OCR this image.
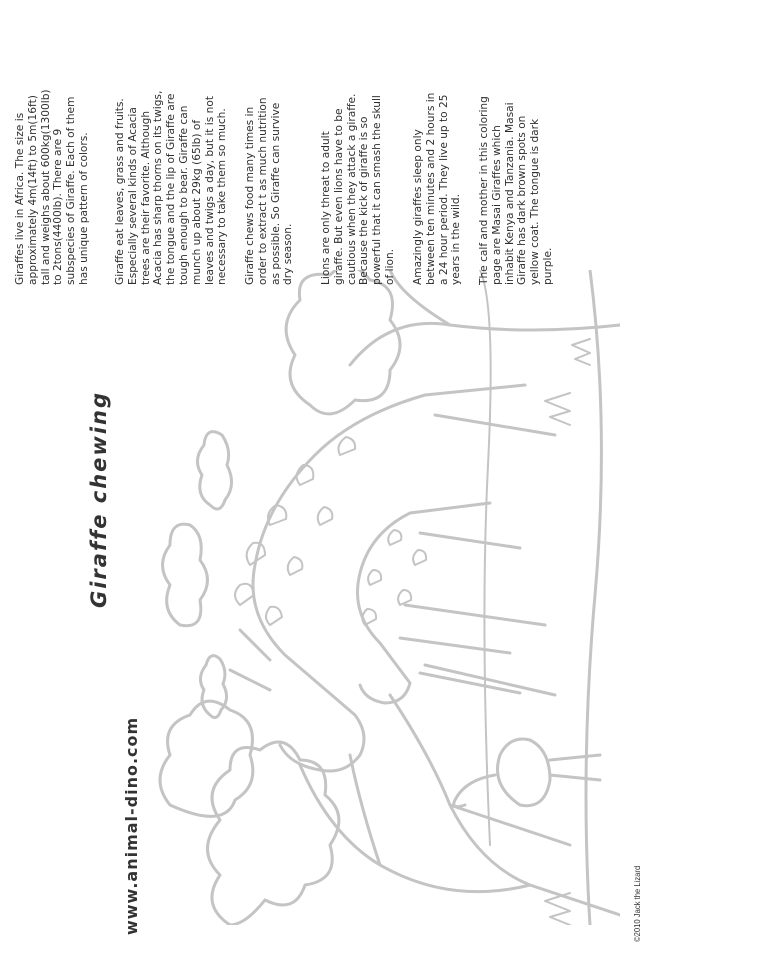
www.animal-dino.com
Giraffe chewing
Giraffes live in Africa. The size is
approximately 4m(14ft) to 5m(16ft)
tall and weighs about 600kg(1300lb)
to 2tons(4400lb). There are 9
subspecies of Giraffe. Each of them
has unique pattern of colors.
Giraffe eat leaves, grass and fruits.
Especially several kinds of Acacia
trees are their favorite. Although
Acacia has sharp thorns on its twigs,
the tongue and the lip of Giraffe are
tough enough to bear. Giraffe can
munch up about 29kg (65lb) of
leaves and twigs a day, but it is not
necessary to take them so much.
Giraffe chews food many times in
order to extract t as much nutrition
as possible. So Giraffe can survive
dry season.
Lions are only threat to adult
giraffe. But even lions have to be
cautious when they attack a giraffe.
Because the kick of giraffe is so
powerful that it can smash the skull
of lion. Amazingly giraffes sleep only
between ten minutes and 2 hours in
a 24 hour period. They live up to 25
years in the wild.
The calf and mother in this coloring
page are Masai Giraffes which
inhabit Kenya and Tanzania. Masai
Giraffe has dark brown spots on
yellow coat. The tongue is dark
purple.
©2010 Jack the Lizard
